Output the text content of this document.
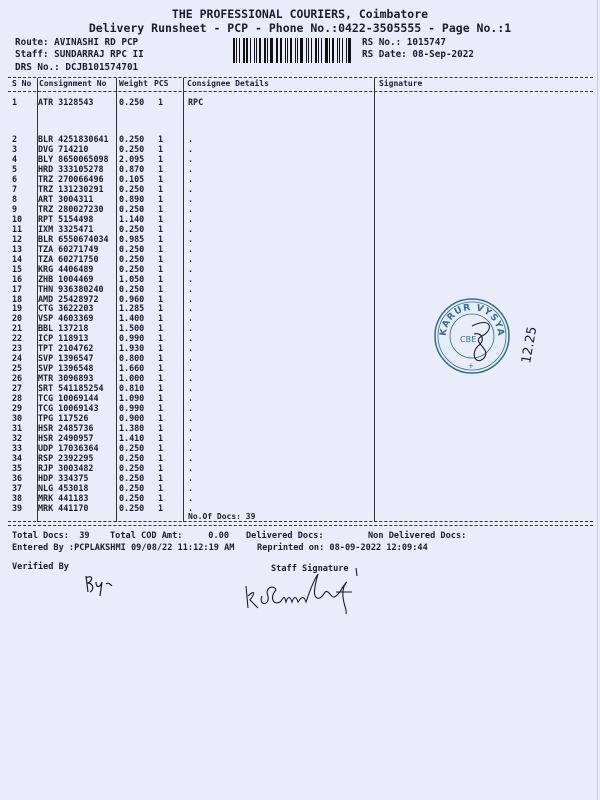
THE PROFESSIONAL COURIERS, Coimbatore
Delivery Runsheet - PCP - Phone No.:0422-3505555 - Page No.:1
Route: AVINASHI RD PCP
Staff: SUNDARRAJ RPC II
DRS No.: DCJB101574701
RS No.: 1015747
RS Date: 08-Sep-2022
S No Consignment No Weight PCS Consignee Details	Signature
1 ATR 3128543	0.250 1	RPC
2 BLR 4251830641 0.250 1	.
3 DVG 714210	0.250 1	.
4 BLY 8650065098 2.095 1	.
5 HRD 333105278 0.870 1	.
6 TRZ 270066496 0.105 1	.
7 TRZ 131230291 0.250 1	.
8 ART 3004311	0.890 1	.
9 TRZ 280027230 0.250 1	.
10 RPT 5154498	1.140 1	.
11 IXM 3325471	0.250 1	.
12 BLR 6550674034 0.985 1	.
13 TZA 60271749 0.250 1	.
14 TZA 60271750 0.250 1	.
15 KRG 4406489	0.250 1	.
16 ZHB 1004469	1.050 1	.
17 THN 936380240 0.250 1	.
18 AMD 25428972 0.960 1	.
19 CTG 3622203	1.285 1	.
20 VSP 4603369	1.400 1	.
21 BBL 137218	1.500 1	.
22 ICP 118913	0.990 1	.
23 TPT 2104762	1.930 1	.
24 SVP 1396547	0.800 1	.
25 SVP 1396548	1.660 1	.
26 MTR 3096893	1.000 1	.
27 SRT 541185254 0.810 1	.
28 TCG 10069144 1.090 1	.
29 TCG 10069143 0.990 1	.
30 TPG 117526	0.900 1	.
31 HSR 2485736	1.380 1	.
32 HSR 2490957	1.410 1	.
33 UDP 17036364 0.250 1	.
34 RSP 2392295	0.250 1	.
35 RJP 3003482	0.250 1	.
36 HDP 334375	0.250 1	.
37 NLG 453018	0.250 1	.
38 MRK 441183	0.250 1	.
39 MRK 441170	0.250 1	.
No.Of Docs: 39
Total Docs:  39 Total COD Amt:     0.00 Delivered Docs:	Non Delivered Docs:
Entered By :PCPLAKSHMI 09/08/22 11:12:19 AM	Reprinted on: 08-09-2022 12:09:44
Verified By	Staff Signature
KARUR VYSYA
CBE
+
12.25
